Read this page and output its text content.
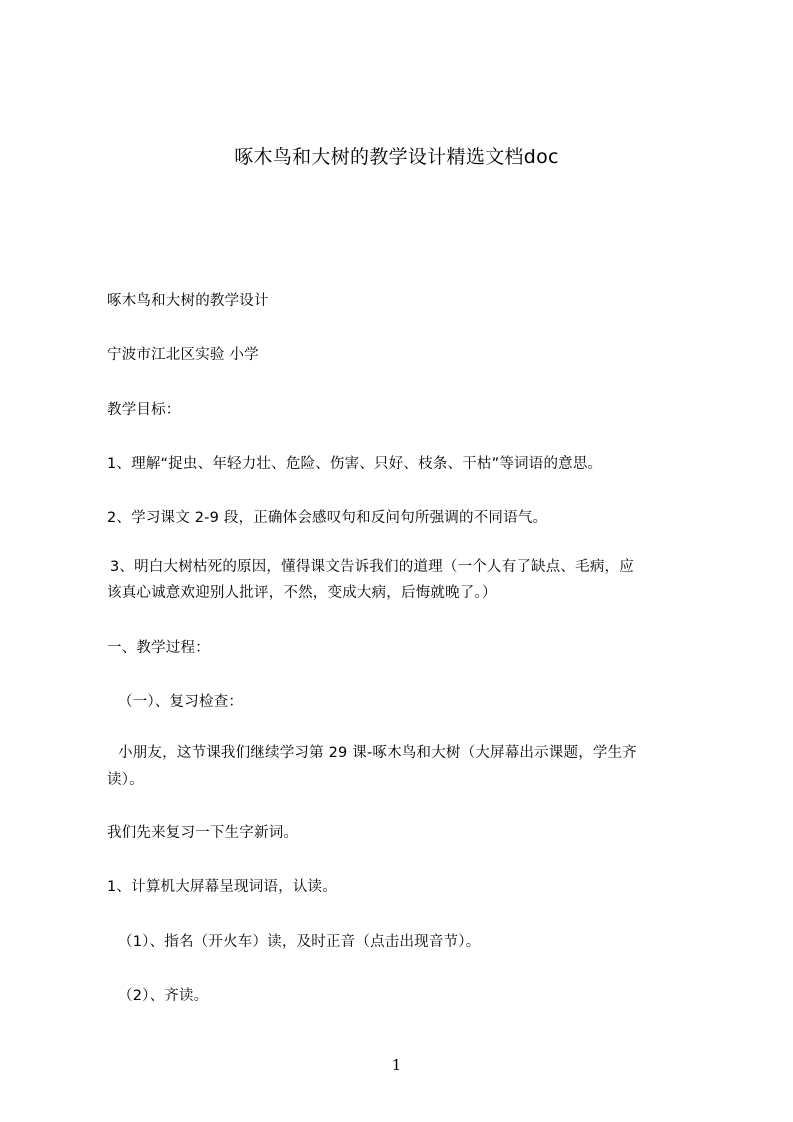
啄木鸟和大树的教学设计精选文档doc
啄木鸟和大树的教学设计
宁波市江北区实验 小学
教学目标：
1、理解“捉虫、年轻力壮、危险、伤害、只好、枝条、干枯”等词语的意思。
2、学习课文 2-9 段，正确体会感叹句和反问句所强调的不同语气。
3、明白大树枯死的原因，懂得课文告诉我们的道理（一个人有了缺点、毛病，应
该真心诚意欢迎别人批评，不然，变成大病，后悔就晚了。）
一、教学过程：
（一）、复习检查：
小朋友，这节课我们继续学习第 29 课-啄木鸟和大树（大屏幕出示课题，学生齐
读）。
我们先来复习一下生字新词。
1、计算机大屏幕呈现词语，认读。
（1）、指名（开火车）读，及时正音（点击出现音节）。
（2）、齐读。
1
